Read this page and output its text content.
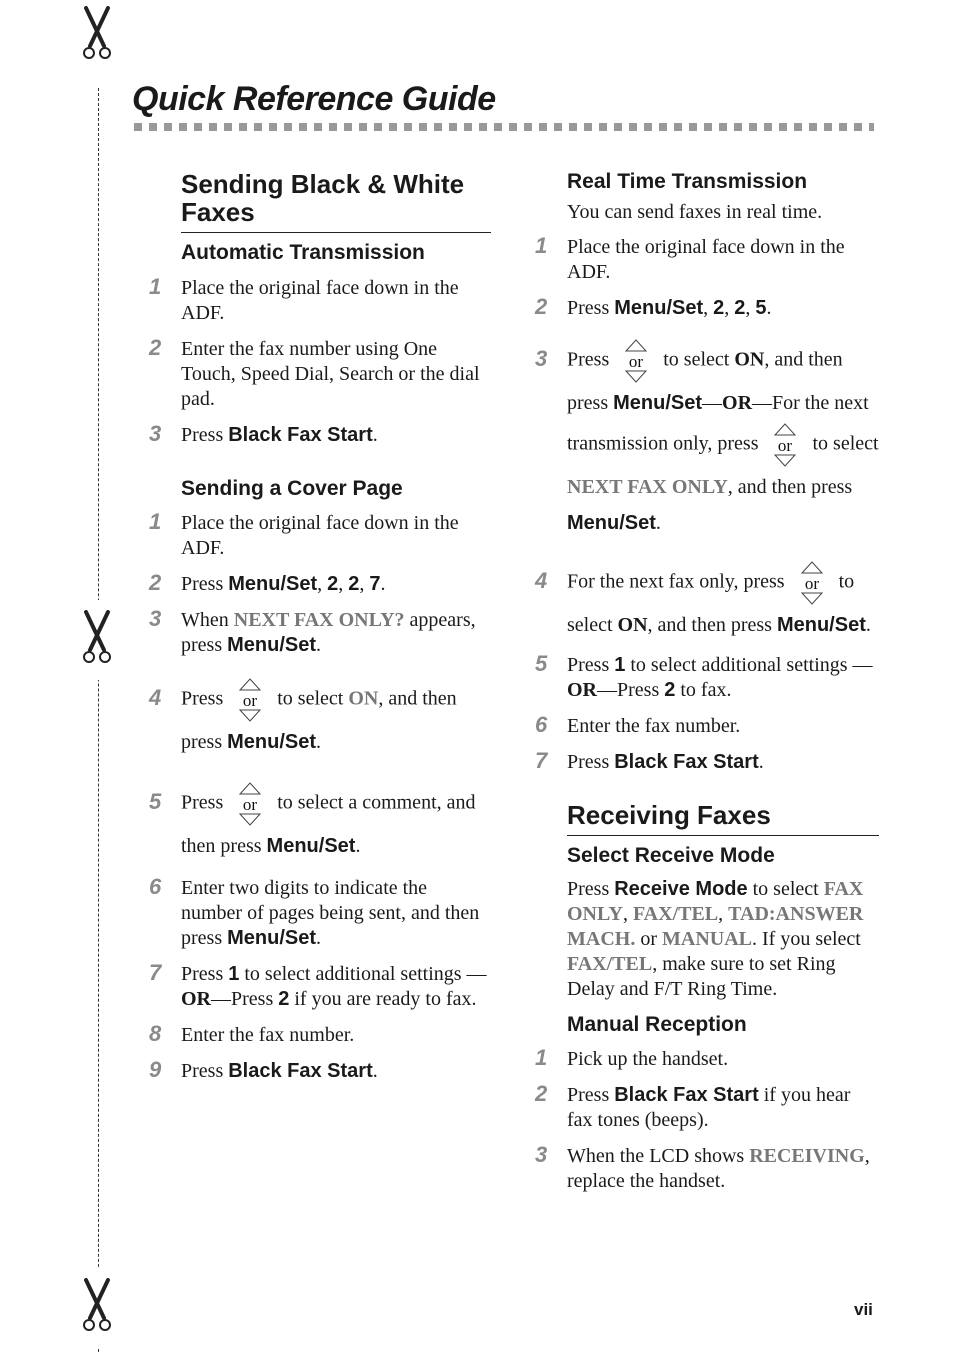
Quick Reference Guide
Sending Black & White Faxes
Automatic Transmission
1 Place the original face down in the ADF.
2 Enter the fax number using One Touch, Speed Dial, Search or the dial pad.
3 Press Black Fax Start.
Sending a Cover Page
1 Place the original face down in the ADF.
2 Press Menu/Set, 2, 2, 7.
3 When NEXT FAX ONLY? appears, press Menu/Set.
4 Press or to select ON, and then press Menu/Set.
5 Press or to select a comment, and then press Menu/Set.
6 Enter two digits to indicate the number of pages being sent, and then press Menu/Set.
7 Press 1 to select additional settings —OR—Press 2 if you are ready to fax.
8 Enter the fax number.
9 Press Black Fax Start.
Real Time Transmission

You can send faxes in real time.

1 Place the original face down in the ADF.
2 Press Menu/Set, 2, 2, 5.
3 Press or to select ON, and then press Menu/Set—OR—For the next transmission only, press or to select NEXT FAX ONLY, and then press Menu/Set.
4 For the next fax only, press or to select ON, and then press Menu/Set.
5 Press 1 to select additional settings —OR—Press 2 to fax.
6 Enter the fax number.
7 Press Black Fax Start.
Receiving Faxes
Select Receive Mode

Press Receive Mode to select FAX ONLY, FAX/TEL, TAD:ANSWER MACH. or MANUAL. If you select FAX/TEL, make sure to set Ring Delay and F/T Ring Time.

Manual Reception
1 Pick up the handset.
2 Press Black Fax Start if you hear fax tones (beeps).
3 When the LCD shows RECEIVING, replace the handset.
vii
